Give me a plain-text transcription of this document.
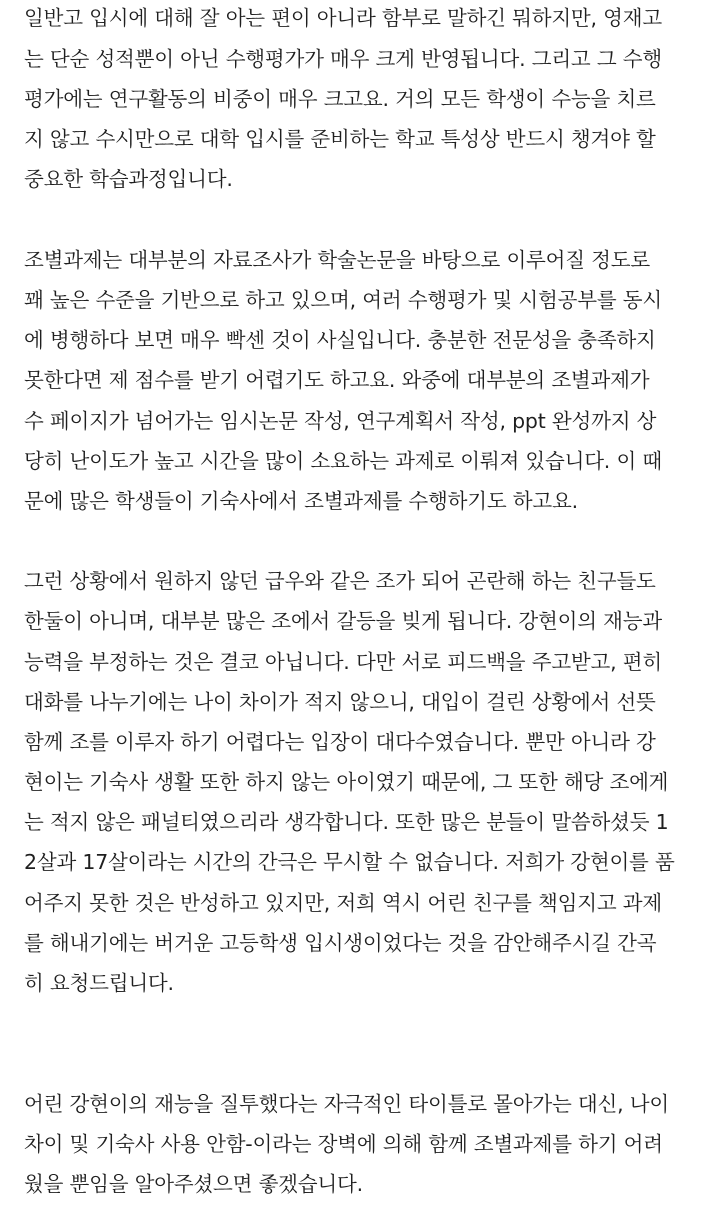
일반고 입시에 대해 잘 아는 편이 아니라 함부로 말하긴 뭐하지만, 영재고
는 단순 성적뿐이 아닌 수행평가가 매우 크게 반영됩니다. 그리고 그 수행
평가에는 연구활동의 비중이 매우 크고요. 거의 모든 학생이 수능을 치르
지 않고 수시만으로 대학 입시를 준비하는 학교 특성상 반드시 챙겨야 할
중요한 학습과정입니다.
조별과제는 대부분의 자료조사가 학술논문을 바탕으로 이루어질 정도로
꽤 높은 수준을 기반으로 하고 있으며, 여러 수행평가 및 시험공부를 동시
에 병행하다 보면 매우 빡센 것이 사실입니다. 충분한 전문성을 충족하지
못한다면 제 점수를 받기 어렵기도 하고요. 와중에 대부분의 조별과제가
수 페이지가 넘어가는 임시논문 작성, 연구계획서 작성, ppt 완성까지 상
당히 난이도가 높고 시간을 많이 소요하는 과제로 이뤄져 있습니다. 이 때
문에 많은 학생들이 기숙사에서 조별과제를 수행하기도 하고요.
그런 상황에서 원하지 않던 급우와 같은 조가 되어 곤란해 하는 친구들도
한둘이 아니며, 대부분 많은 조에서 갈등을 빚게 됩니다. 강현이의 재능과
능력을 부정하는 것은 결코 아닙니다. 다만 서로 피드백을 주고받고, 편히
대화를 나누기에는 나이 차이가 적지 않으니, 대입이 걸린 상황에서 선뜻
함께 조를 이루자 하기 어렵다는 입장이 대다수였습니다. 뿐만 아니라 강
현이는 기숙사 생활 또한 하지 않는 아이였기 때문에, 그 또한 해당 조에게
는 적지 않은 패널티였으리라 생각합니다. 또한 많은 분들이 말씀하셨듯 1
2살과 17살이라는 시간의 간극은 무시할 수 없습니다. 저희가 강현이를 품
어주지 못한 것은 반성하고 있지만, 저희 역시 어린 친구를 책임지고 과제
를 해내기에는 버거운 고등학생 입시생이었다는 것을 감안해주시길 간곡
히 요청드립니다.
어린 강현이의 재능을 질투했다는 자극적인 타이틀로 몰아가는 대신, 나이
차이 및 기숙사 사용 안함-이라는 장벽에 의해 함께 조별과제를 하기 어려
웠을 뿐임을 알아주셨으면 좋겠습니다.
